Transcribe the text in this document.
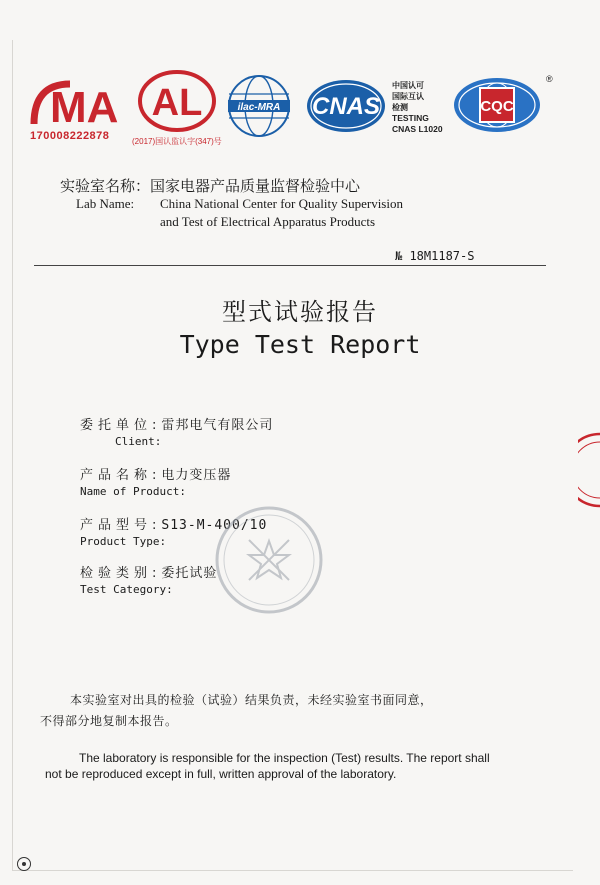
MA
170008222878
AL
(2017)国认监认字(347)号
ilac-MRA CNAS
中国认可
国际互认
检测
TESTING
CNAS L1020
CQC
®
实验室名称：国家电器产品质量监督检验中心
Lab Name: China National Center for Quality Supervision
and Test of Electrical Apparatus Products
№ 18M1187-S
型式试验报告
Type Test Report
委托单位:雷邦电气有限公司
Client:
产品名称:电力变压器
Name of Product:
产品型号:S13-M-400/10
Product Type:
检验类别:委托试验
Test Category:
本实验室对出具的检验（试验）结果负责，未经实验室书面同意，
不得部分地复制本报告。
The laboratory is responsible for the inspection (Test) results. The report shall
not be reproduced except in full, written approval of the laboratory.
